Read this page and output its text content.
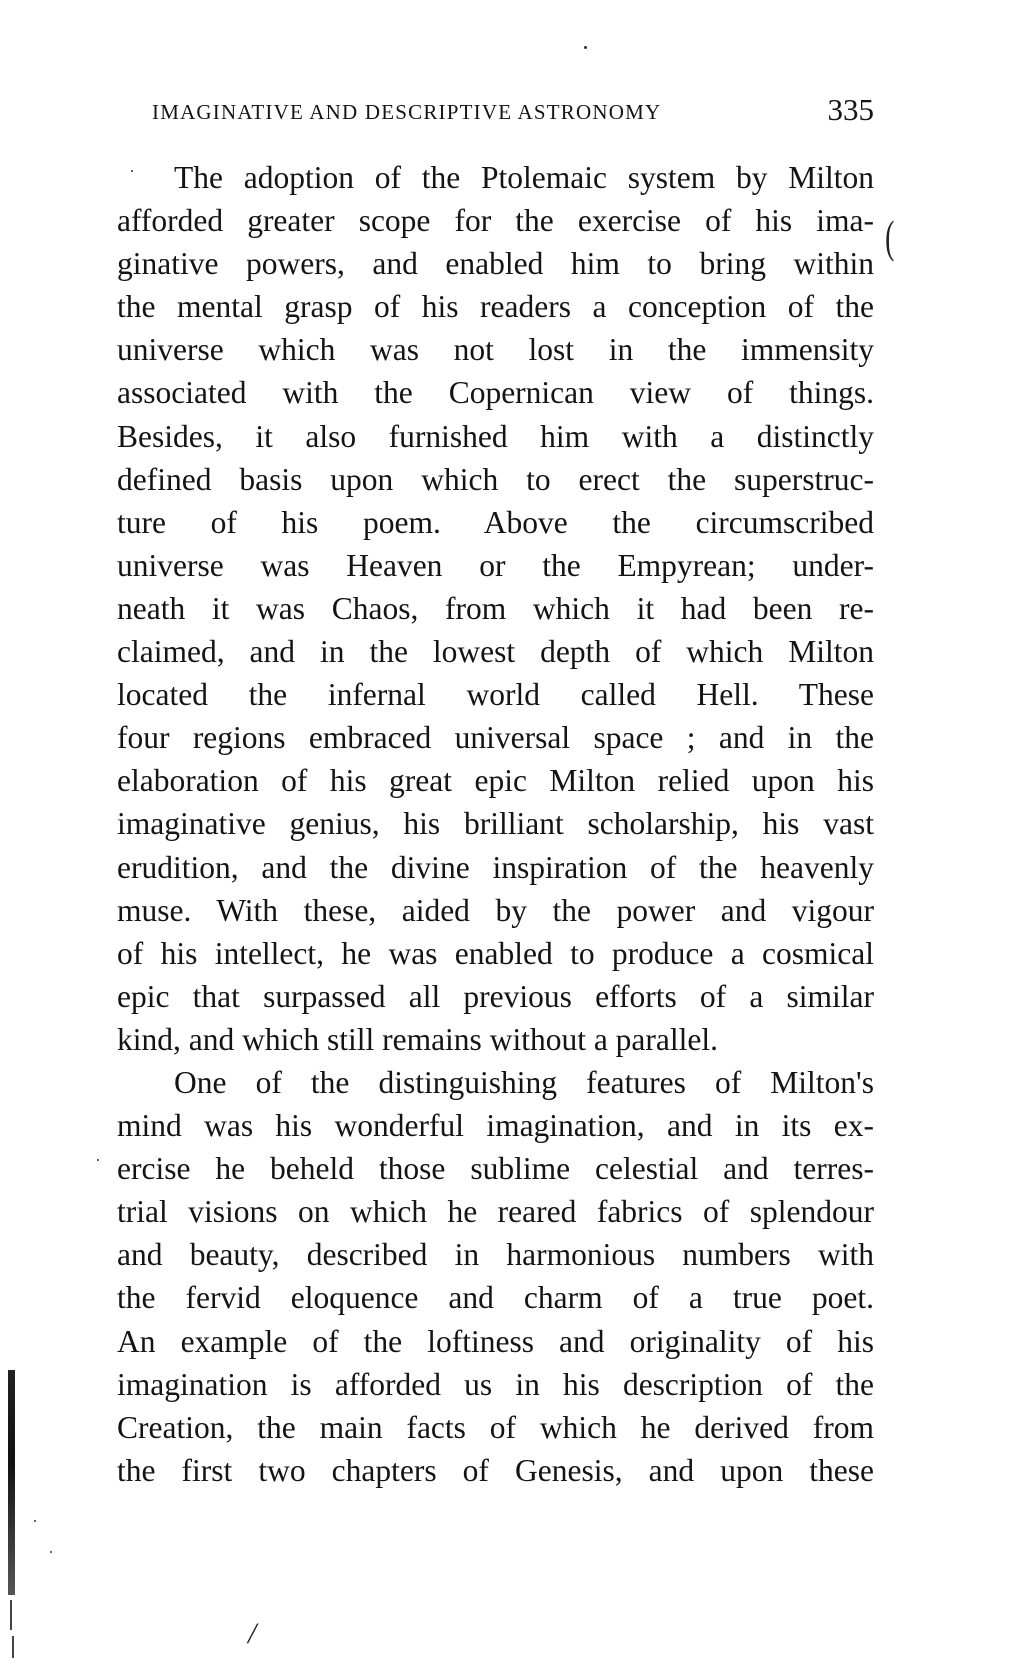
IMAGINATIVE AND DESCRIPTIVE ASTRONOMY	335
The adoption of the Ptolemaic system by Milton
afforded greater scope for the exercise of his ima-
ginative powers, and enabled him to bring within
the mental grasp of his readers a conception of the
universe which was not lost in the immensity
associated with the Copernican view of things.
Besides, it also furnished him with a distinctly
defined basis upon which to erect the superstruc-
ture of his poem. Above the circumscribed
universe was Heaven or the Empyrean; under-
neath it was Chaos, from which it had been re-
claimed, and in the lowest depth of which Milton
located the infernal world called Hell. These
four regions embraced universal space ; and in the
elaboration of his great epic Milton relied upon his
imaginative genius, his brilliant scholarship, his vast
erudition, and the divine inspiration of the heavenly
muse. With these, aided by the power and vigour
of his intellect, he was enabled to produce a cosmical
epic that surpassed all previous efforts of a similar
kind, and which still remains without a parallel.
One of the distinguishing features of Milton's
mind was his wonderful imagination, and in its ex-
ercise he beheld those sublime celestial and terres-
trial visions on which he reared fabrics of splendour
and beauty, described in harmonious numbers with
the fervid eloquence and charm of a true poet.
An example of the loftiness and originality of his
imagination is afforded us in his description of the
Creation, the main facts of which he derived from
the first two chapters of Genesis, and upon these
(
/
